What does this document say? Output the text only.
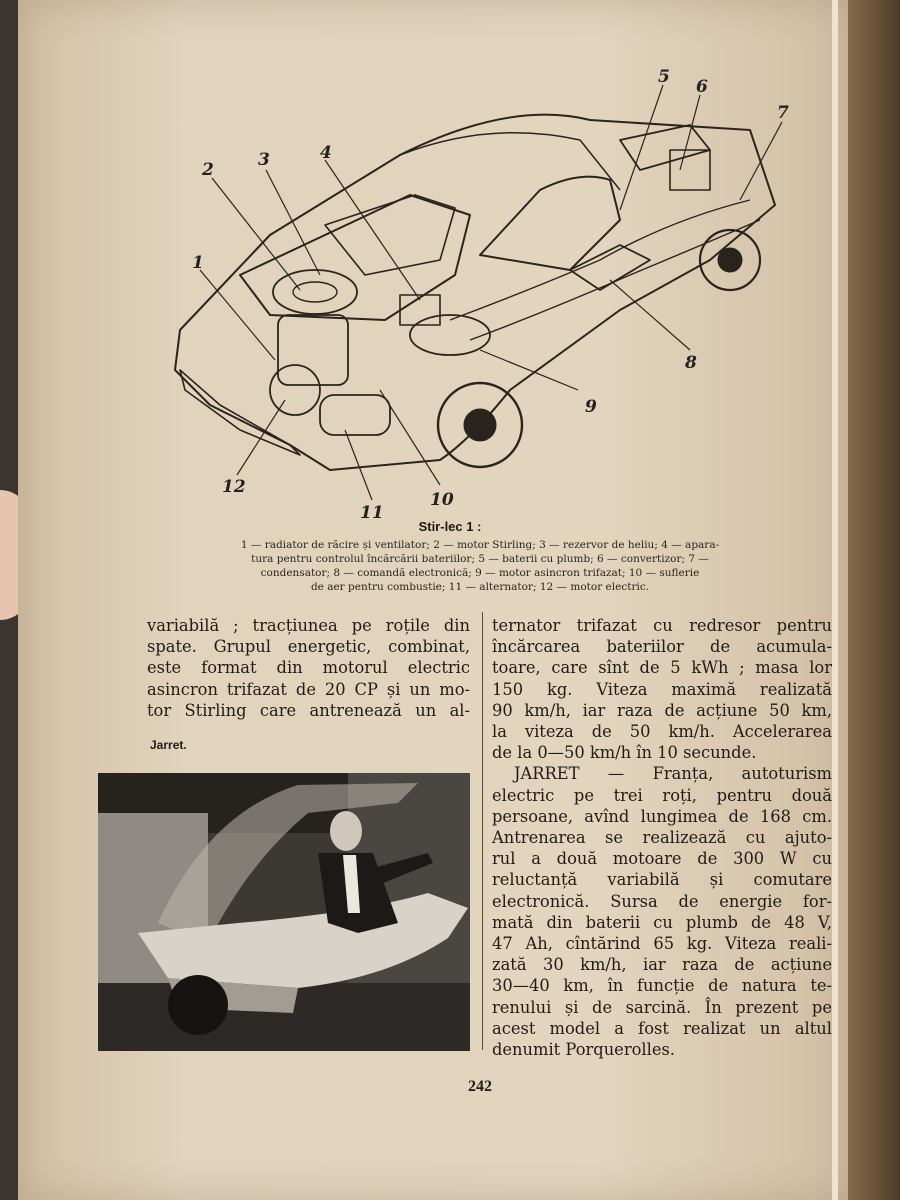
1
2	3	4
5 6
7
8
9
10
11
12
Stir-lec 1 :
1 — radiator de răcire și ventilator; 2 — motor Stirling; 3 — rezervor de heliu; 4 — apara-
tura pentru controlul încărcării bateriilor; 5 — baterii cu plumb; 6 — convertizor; 7 —
condensator; 8 — comandă electronică; 9 — motor asincron trifazat; 10 — suflerie
de aer pentru combustie; 11 — alternator; 12 — motor electric.
variabilă ; tracțiunea pe roțile din
spate. Grupul energetic, combinat,
este format din motorul electric
asincron trifazat de 20 CP și un mo-
tor Stirling care antrenează un al-
Jarret.
ternator trifazat cu redresor pentru
încărcarea bateriilor de acumula-
toare, care sînt de 5 kWh ; masa lor
150 kg. Viteza maximă realizată
90 km/h, iar raza de acțiune 50 km,
la viteza de 50 km/h. Accelerarea
de la 0—50 km/h în 10 secunde.
JARRET — Franța, autoturism
electric pe trei roți, pentru două
persoane, avînd lungimea de 168 cm.
Antrenarea se realizează cu ajuto-
rul a două motoare de 300 W cu
reluctanță variabilă și comutare
electronică. Sursa de energie for-
mată din baterii cu plumb de 48 V,
47 Ah, cîntărind 65 kg. Viteza reali-
zată 30 km/h, iar raza de acțiune
30—40 km, în funcție de natura te-
renului și de sarcină. În prezent pe
acest model a fost realizat un altul
denumit Porquerolles.
242
